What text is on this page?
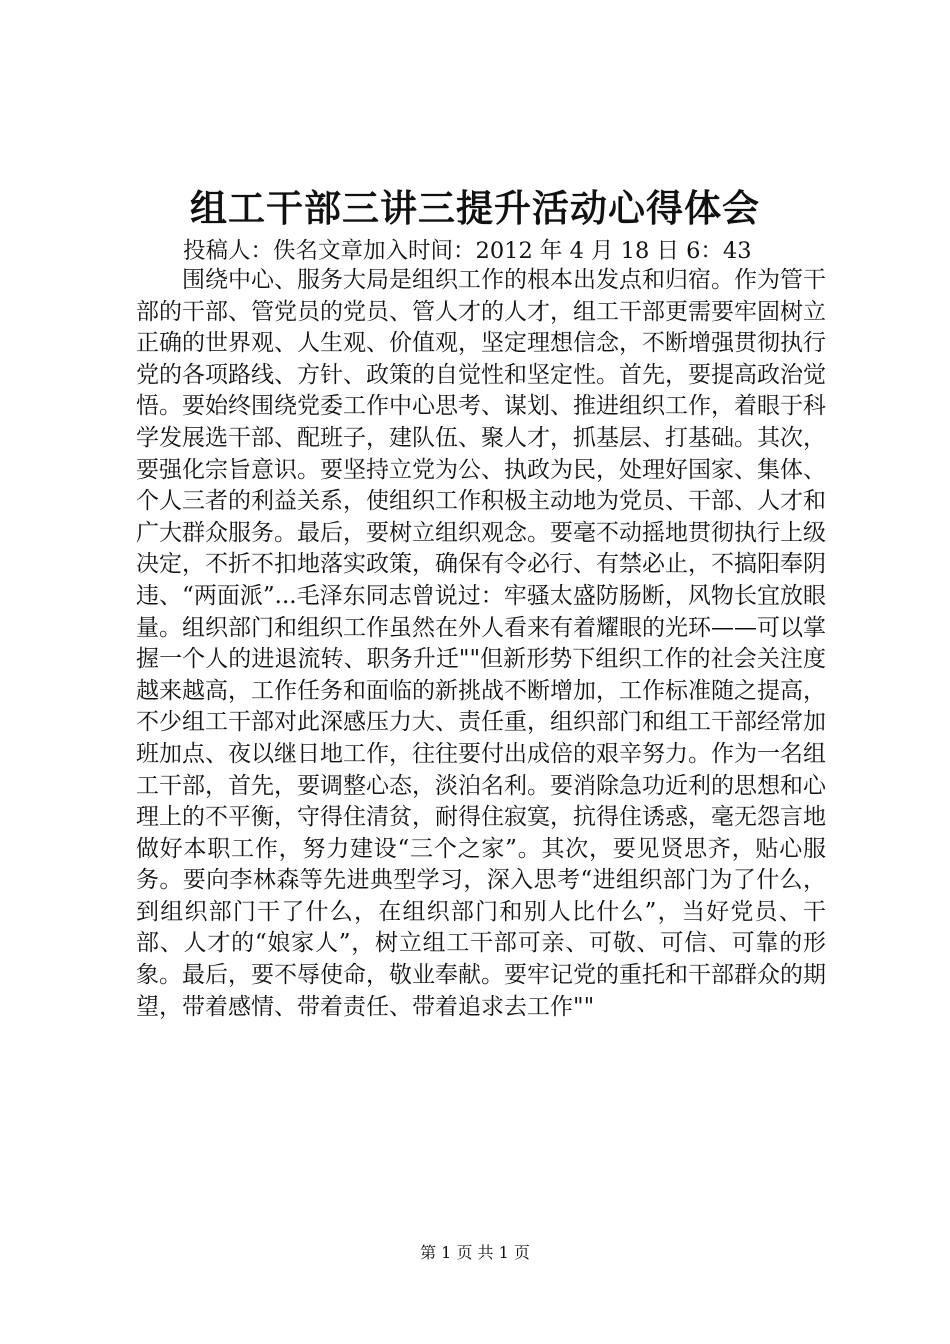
组工干部三讲三提升活动心得体会
投稿人：佚名文章加入时间：2012 年 4 月 18 日 6：43

围绕中心、服务大局是组织工作的根本出发点和归宿。作为管干部的干部、管党员的党员、管人才的人才，组工干部更需要牢固树立正确的世界观、人生观、价值观，坚定理想信念，不断增强贯彻执行党的各项路线、方针、政策的自觉性和坚定性。首先，要提高政治觉悟。要始终围绕党委工作中心思考、谋划、推进组织工作，着眼于科学发展选干部、配班子，建队伍、聚人才，抓基层、打基础。其次，要强化宗旨意识。要坚持立党为公、执政为民，处理好国家、集体、个人三者的利益关系，使组织工作积极主动地为党员、干部、人才和广大群众服务。最后，要树立组织观念。要毫不动摇地贯彻执行上级决定，不折不扣地落实政策，确保有令必行、有禁必止，不搞阳奉阴违、“两面派”...毛泽东同志曾说过：牢骚太盛防肠断，风物长宜放眼量。组织部门和组织工作虽然在外人看来有着耀眼的光环——可以掌握一个人的进退流转、职务升迁""但新形势下组织工作的社会关注度越来越高，工作任务和面临的新挑战不断增加，工作标准随之提高，不少组工干部对此深感压力大、责任重，组织部门和组工干部经常加班加点、夜以继日地工作，往往要付出成倍的艰辛努力。作为一名组工干部，首先，要调整心态，淡泊名利。要消除急功近利的思想和心理上的不平衡，守得住清贫，耐得住寂寞，抗得住诱惑，毫无怨言地做好本职工作，努力建设“三个之家”。其次，要见贤思齐，贴心服务。要向李林森等先进典型学习，深入思考“进组织部门为了什么，到组织部门干了什么，在组织部门和别人比什么”，当好党员、干部、人才的“娘家人”，树立组工干部可亲、可敬、可信、可靠的形象。最后，要不辱使命，敬业奉献。要牢记党的重托和干部群众的期望，带着感情、带着责任、带着追求去工作""

第 1 页 共 1 页
